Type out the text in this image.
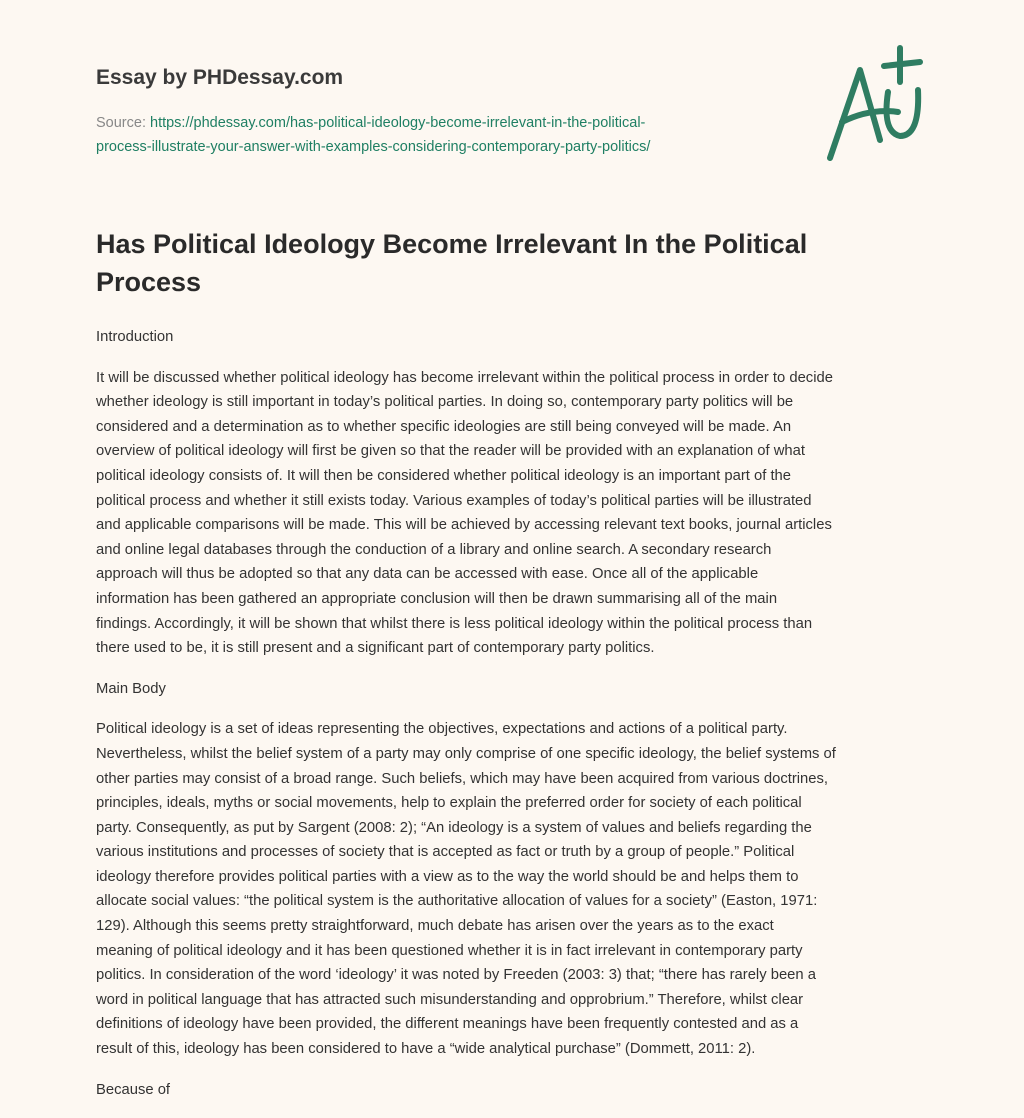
Essay by PHDessay.com
Source: https://phdessay.com/has-political-ideology-become-irrelevant-in-the-political-
process-illustrate-your-answer-with-examples-considering-contemporary-party-politics/
Has Political Ideology Become Irrelevant In the Political
Process

Introduction

It will be discussed whether political ideology has become irrelevant within the political process in order to decide
whether ideology is still important in today’s political parties. In doing so, contemporary party politics will be
considered and a determination as to whether specific ideologies are still being conveyed will be made. An
overview of political ideology will first be given so that the reader will be provided with an explanation of what
political ideology consists of. It will then be considered whether political ideology is an important part of the
political process and whether it still exists today. Various examples of today’s political parties will be illustrated
and applicable comparisons will be made. This will be achieved by accessing relevant text books, journal articles
and online legal databases through the conduction of a library and online search. A secondary research
approach will thus be adopted so that any data can be accessed with ease. Once all of the applicable
information has been gathered an appropriate conclusion will then be drawn summarising all of the main
findings. Accordingly, it will be shown that whilst there is less political ideology within the political process than
there used to be, it is still present and a significant part of contemporary party politics.

Main Body

Political ideology is a set of ideas representing the objectives, expectations and actions of a political party.
Nevertheless, whilst the belief system of a party may only comprise of one specific ideology, the belief systems of
other parties may consist of a broad range. Such beliefs, which may have been acquired from various doctrines,
principles, ideals, myths or social movements, help to explain the preferred order for society of each political
party. Consequently, as put by Sargent (2008: 2); “An ideology is a system of values and beliefs regarding the
various institutions and processes of society that is accepted as fact or truth by a group of people.” Political
ideology therefore provides political parties with a view as to the way the world should be and helps them to
allocate social values: “the political system is the authoritative allocation of values for a society” (Easton, 1971:
129). Although this seems pretty straightforward, much debate has arisen over the years as to the exact
meaning of political ideology and it has been questioned whether it is in fact irrelevant in contemporary party
politics. In consideration of the word ‘ideology’ it was noted by Freeden (2003: 3) that; “there has rarely been a
word in political language that has attracted such misunderstanding and opprobrium.” Therefore, whilst clear
definitions of ideology have been provided, the different meanings have been frequently contested and as a
result of this, ideology has been considered to have a “wide analytical purchase” (Dommett, 2011: 2).

Because of
